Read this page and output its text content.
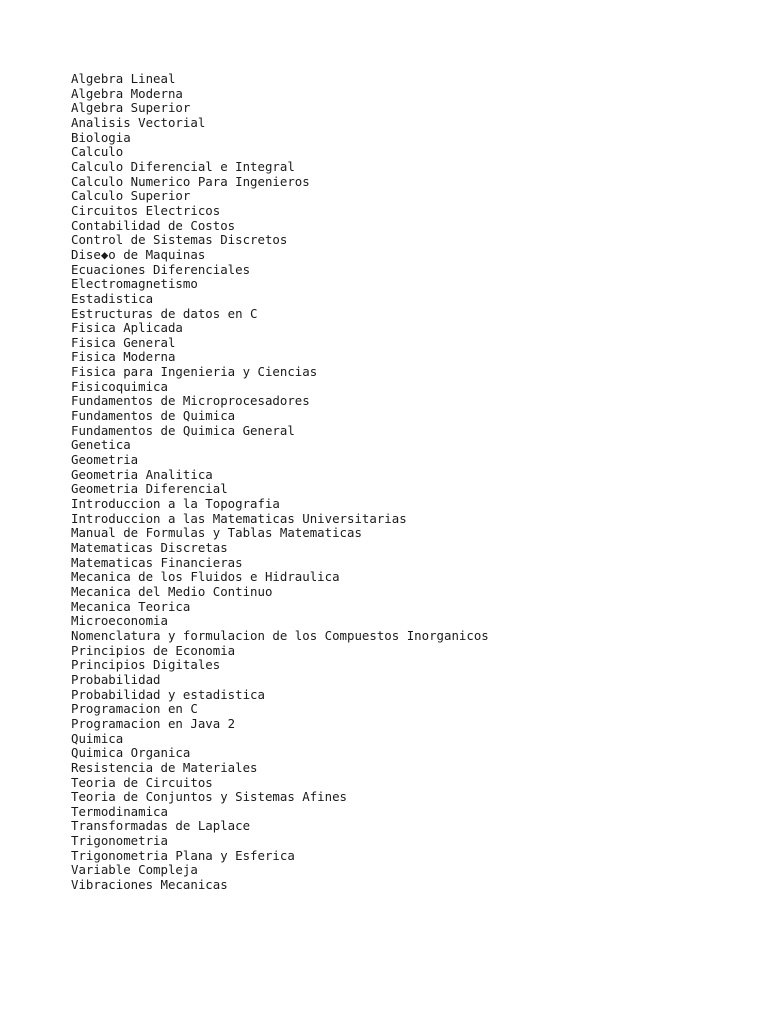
Algebra Lineal
Algebra Moderna
Algebra Superior
Analisis Vectorial
Biologia
Calculo
Calculo Diferencial e Integral
Calculo Numerico Para Ingenieros
Calculo Superior
Circuitos Electricos
Contabilidad de Costos
Control de Sistemas Discretos
Dise◆o de Maquinas
Ecuaciones Diferenciales
Electromagnetismo
Estadistica
Estructuras de datos en C
Fisica Aplicada
Fisica General
Fisica Moderna
Fisica para Ingenieria y Ciencias
Fisicoquimica
Fundamentos de Microprocesadores
Fundamentos de Quimica
Fundamentos de Quimica General
Genetica
Geometria
Geometria Analitica
Geometria Diferencial
Introduccion a la Topografia
Introduccion a las Matematicas Universitarias
Manual de Formulas y Tablas Matematicas
Matematicas Discretas
Matematicas Financieras
Mecanica de los Fluidos e Hidraulica
Mecanica del Medio Continuo
Mecanica Teorica
Microeconomia
Nomenclatura y formulacion de los Compuestos Inorganicos
Principios de Economia
Principios Digitales
Probabilidad
Probabilidad y estadistica
Programacion en C
Programacion en Java 2
Quimica
Quimica Organica
Resistencia de Materiales
Teoria de Circuitos
Teoria de Conjuntos y Sistemas Afines
Termodinamica
Transformadas de Laplace
Trigonometria
Trigonometria Plana y Esferica
Variable Compleja
Vibraciones Mecanicas
